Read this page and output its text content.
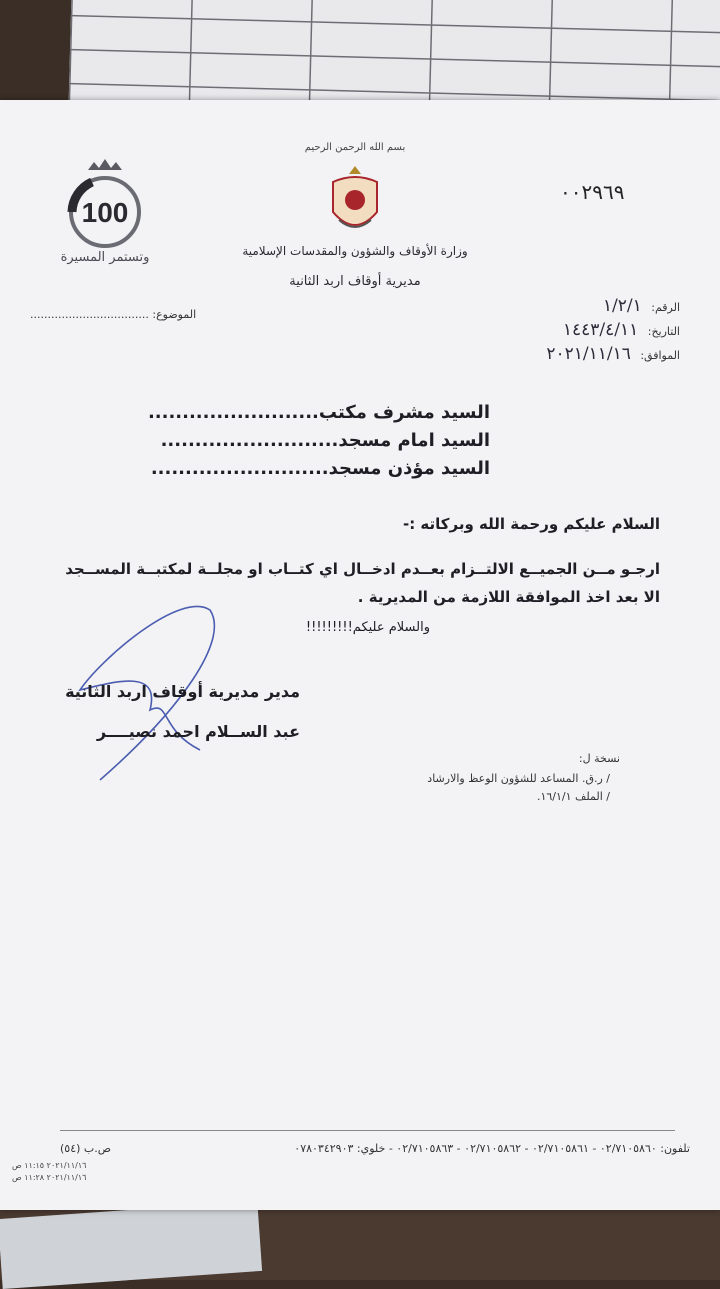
100
وتستمر المسيرة
بسم الله الرحمن الرحيم
وزارة الأوقاف والشؤون والمقدسات الإسلامية
مديرية أوقاف اربد الثانية
٠٠٢٩٦٩
الرقم: ١/٢/١
التاريخ: ١٤٤٣/٤/١١
الموافق: ٢٠٢١/١١/١٦
الموضوع: ..................................
السيد مشرف مكتب.........................
السيد امام مسجد..........................
السيد مؤذن مسجد..........................
السلام عليكم ورحمة الله وبركاته :-
ارجـو مــن الجميــع الالتــزام بعــدم ادخــال اي كتــاب او مجلــة لمكتبــة المســجد
الا بعد اخذ الموافقة اللازمة من المديرية .
والسلام عليكم!!!!!!!!!
مدير مديرية أوقاف اربد الثانية
عبد الســلام احمد نصيــــر
نسخة ل:
/ ر.ق. المساعد للشؤون الوعظ والارشاد
/ الملف ١٦/١/١.
تلفون: ٠٢/٧١٠٥٨٦٠ - ٠٢/٧١٠٥٨٦١ - ٠٢/٧١٠٥٨٦٢ - ٠٢/٧١٠٥٨٦٣ - خلوي: ٠٧٨٠٣٤٢٩٠٣
ص.ب (٥٤)
٢٠٢١/١١/١٦ ١١:١٥ ص
٢٠٢١/١١/١٦ ١١:٢٨ ص
